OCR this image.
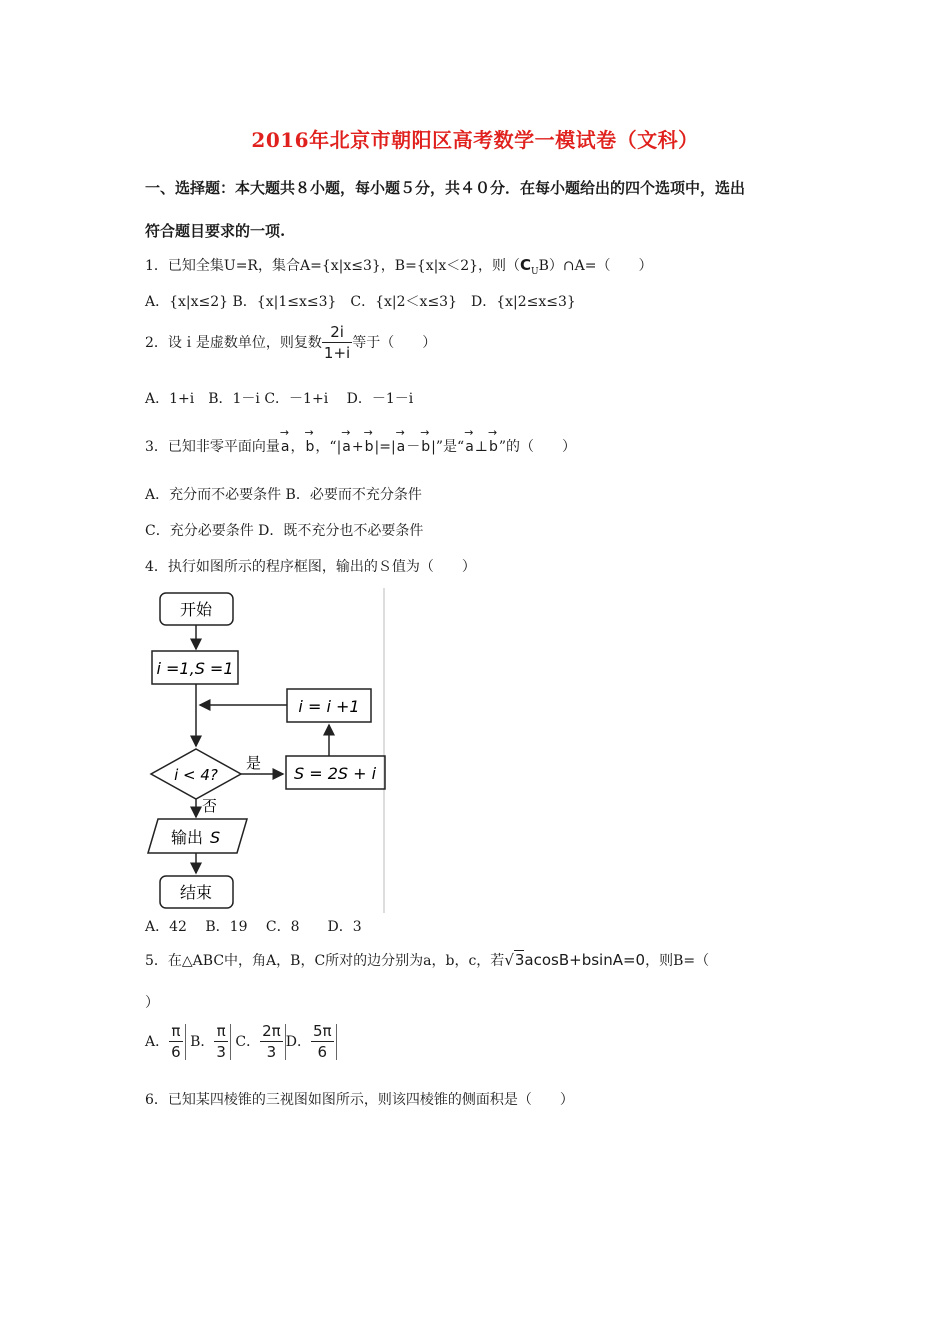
2016年北京市朝阳区高考数学一模试卷（文科）
一、选择题：本大题共８小题，每小题５分，共４０分．在每小题给出的四个选项中，选出
符合题目要求的一项.
1．已知全集U=R，集合A={x|x≤3}，B={x|x＜2}，则$(C_UB)\cap A=$（　　）
A．{x|x≤2} B．{x|1≤x≤3}　C．{x|2＜x≤3}　D．{x|2≤x≤3}
2．设ｉ是虚数单位，则复数 $\frac{2i}{1+i}$ 等于（　　）
A．1+i　B．1－i C．－1+i　 D．－1－i
3．已知非零平面向量→ a，→ b，“|→ a+→ b|=|→ a－→ b|”是“→ a⊥→ b”的（　　）
A．充分而不必要条件 B．必要而不充分条件
C．充分必要条件 D．既不充分也不必要条件
4．执行如图所示的程序框图，输出的Ｓ值为（　　）
开始
i =1,S =1
i = i +1
i < 4?
是
S = 2S + i
否
输出 S
结束
A．42　 B．19　 C．8　　D．3
5．在△ABC中，角A，B，C所对的边分别为a，b，c，若√3acosB+bsinA=0，则B=（
）
A． $\frac{\pi}{6}$ B． $\frac{\pi}{3}$ C． $\frac{2\pi}{3}$ D． $\frac{5\pi}{6}$
6．已知某四棱锥的三视图如图所示，则该四棱锥的侧面积是（　　）
